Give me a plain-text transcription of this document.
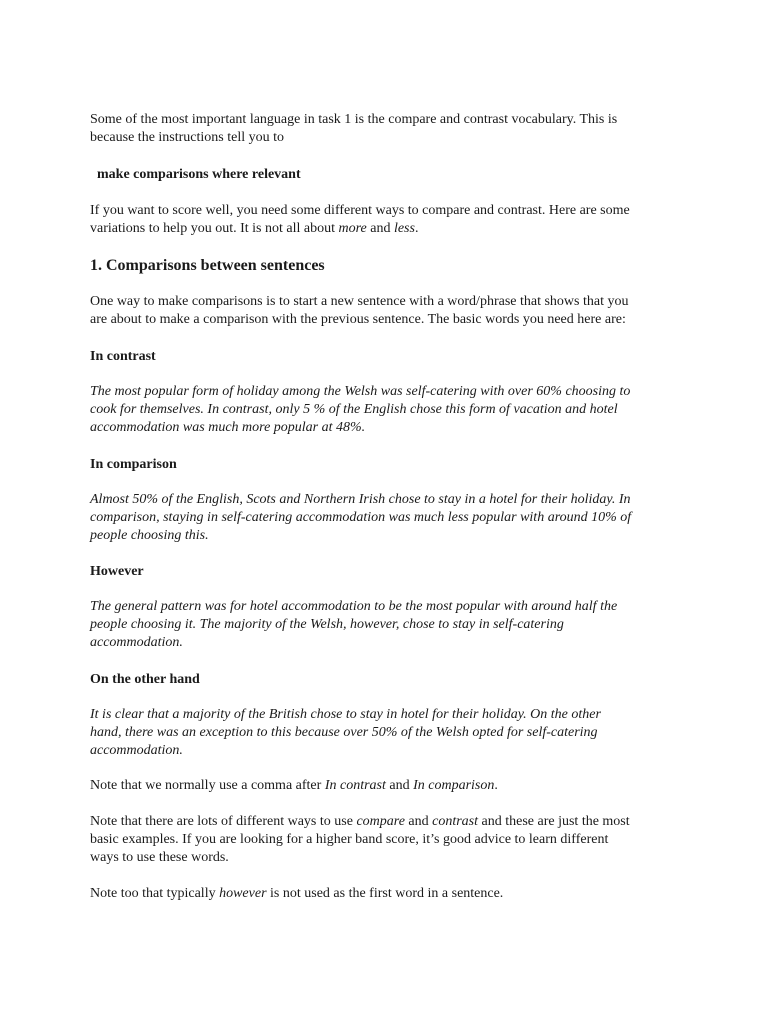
Some of the most important language in task 1 is the compare and contrast vocabulary. This is
because the instructions tell you to

make comparisons where relevant

If you want to score well, you need some different ways to compare and contrast. Here are some
variations to help you out. It is not all about more and less.

1. Comparisons between sentences

One way to make comparisons is to start a new sentence with a word/phrase that shows that you
are about to make a comparison with the previous sentence. The basic words you need here are:

In contrast

The most popular form of holiday among the Welsh was self-catering with over 60% choosing to
cook for themselves. In contrast, only 5 % of the English chose this form of vacation and hotel
accommodation was much more popular at 48%.

In comparison

Almost 50% of the English, Scots and Northern Irish chose to stay in a hotel for their holiday. In
comparison, staying in self-catering accommodation was much less popular with around 10% of
people choosing this.

However

The general pattern was for hotel accommodation to be the most popular with around half the
people choosing it. The majority of the Welsh, however, chose to stay in self-catering
accommodation.

On the other hand

It is clear that a majority of the British chose to stay in hotel for their holiday. On the other
hand, there was an exception to this because over 50% of the Welsh opted for self-catering
accommodation.

Note that we normally use a comma after In contrast and In comparison.

Note that there are lots of different ways to use compare and contrast and these are just the most
basic examples. If you are looking for a higher band score, it’s good advice to learn different
ways to use these words.

Note too that typically however is not used as the first word in a sentence.
